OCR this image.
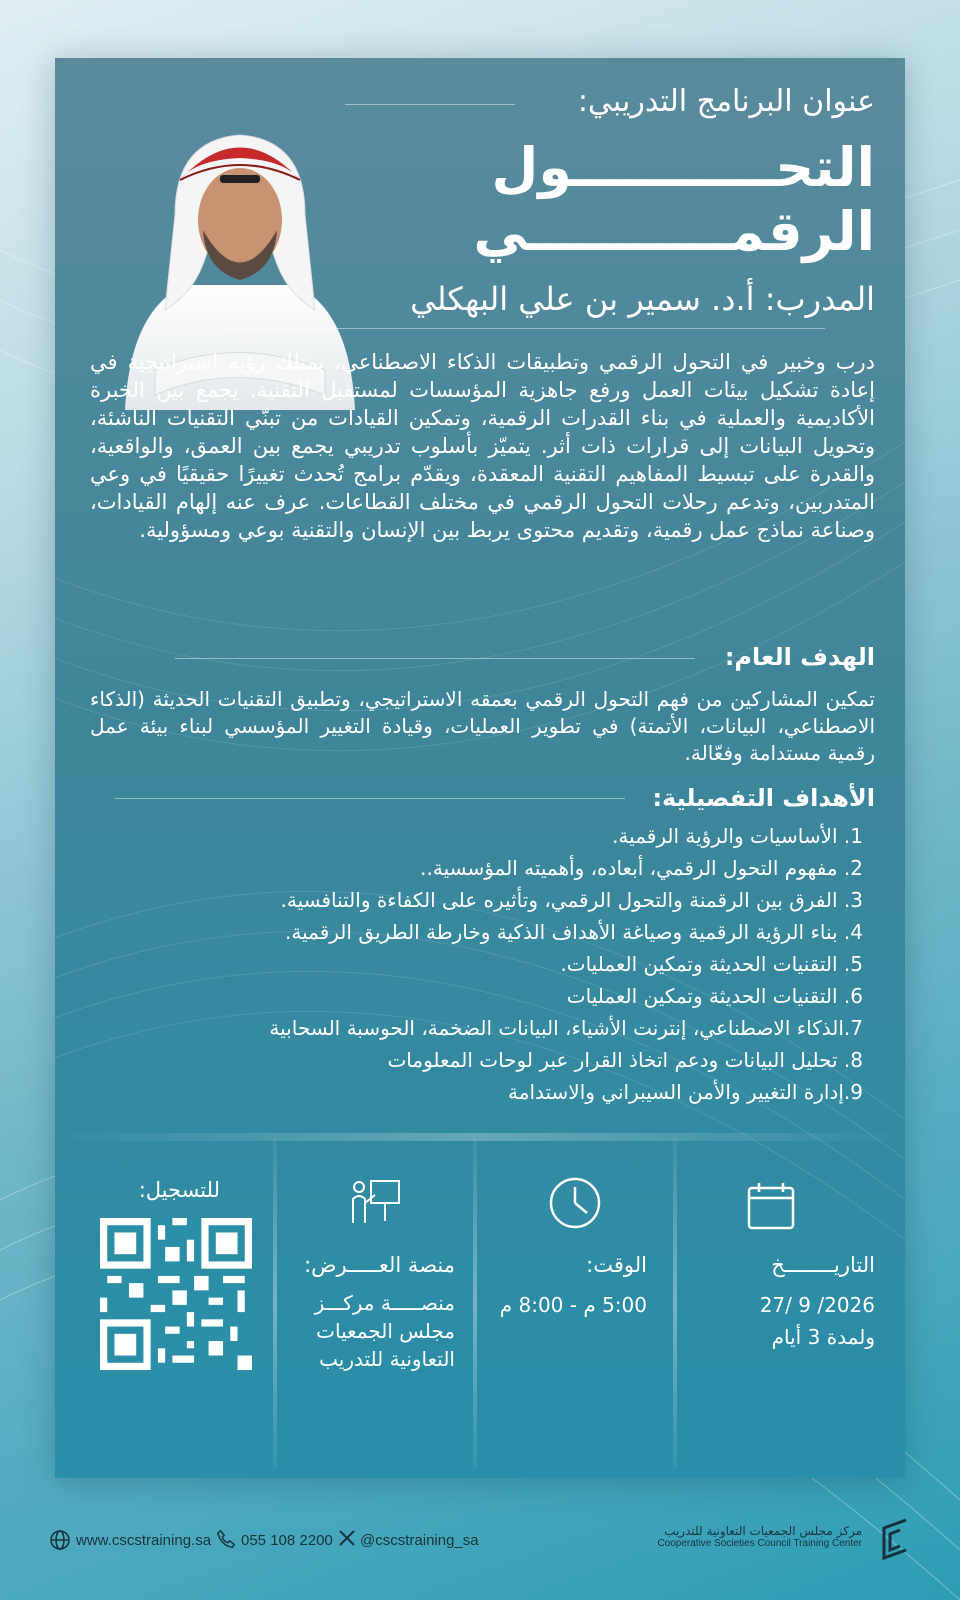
عنوان البرنامج التدريبي:
التحـــــــــــول
الرقمـــــــــــي
المدرب: أ.د. سمير بن علي البهكلي
درب وخبير في التحول الرقمي وتطبيقات الذكاء الاصطناعي، يمتلك رؤية استراتيجية في إعادة تشكيل بيئات العمل ورفع جاهزية المؤسسات لمستقبل التقنية. يجمع بين الخبرة الأكاديمية والعملية في بناء القدرات الرقمية، وتمكين القيادات من تبنّي التقنيات الناشئة، وتحويل البيانات إلى قرارات ذات أثر. يتميّز بأسلوب تدريبي يجمع بين العمق، والواقعية، والقدرة على تبسيط المفاهيم التقنية المعقدة، ويقدّم برامج تُحدث تغييرًا حقيقيًا في وعي المتدربين، وتدعم رحلات التحول الرقمي في مختلف القطاعات. عرف عنه إلهام القيادات، وصناعة نماذج عمل رقمية، وتقديم محتوى يربط بين الإنسان والتقنية بوعي ومسؤولية.
الهدف العام:
تمكين المشاركين من فهم التحول الرقمي بعمقه الاستراتيجي، وتطبيق التقنيات الحديثة (الذكاء الاصطناعي، البيانات، الأتمتة) في تطوير العمليات، وقيادة التغيير المؤسسي لبناء بيئة عمل رقمية مستدامة وفعّالة.
الأهداف التفصيلية:
1. الأساسيات والرؤية الرقمية.
2. مفهوم التحول الرقمي، أبعاده، وأهميته المؤسسية..
3. الفرق بين الرقمنة والتحول الرقمي، وتأثيره على الكفاءة والتنافسية.
4. بناء الرؤية الرقمية وصياغة الأهداف الذكية وخارطة الطريق الرقمية.
5. التقنيات الحديثة وتمكين العمليات.
6. التقنيات الحديثة وتمكين العمليات
7.الذكاء الاصطناعي، إنترنت الأشياء، البيانات الضخمة، الحوسبة السحابية
8. تحليل البيانات ودعم اتخاذ القرار عبر لوحات المعلومات
9.إدارة التغيير والأمن السيبراني والاستدامة
التاريــــــــخ
2026/ 9 /27
ولمدة 3 أيام
الوقت:
5:00 م - 8:00 م
منصة العـــــرض:
منصـــــة مركـــز
مجلس الجمعيات
التعاونية للتدريب
للتسجيل:
www.cscstraining.sa 055 108 2200 @cscstraining_sa
مركز مجلس الجمعيات التعاونية للتدريب
Cooperative Societies Council Training Center
